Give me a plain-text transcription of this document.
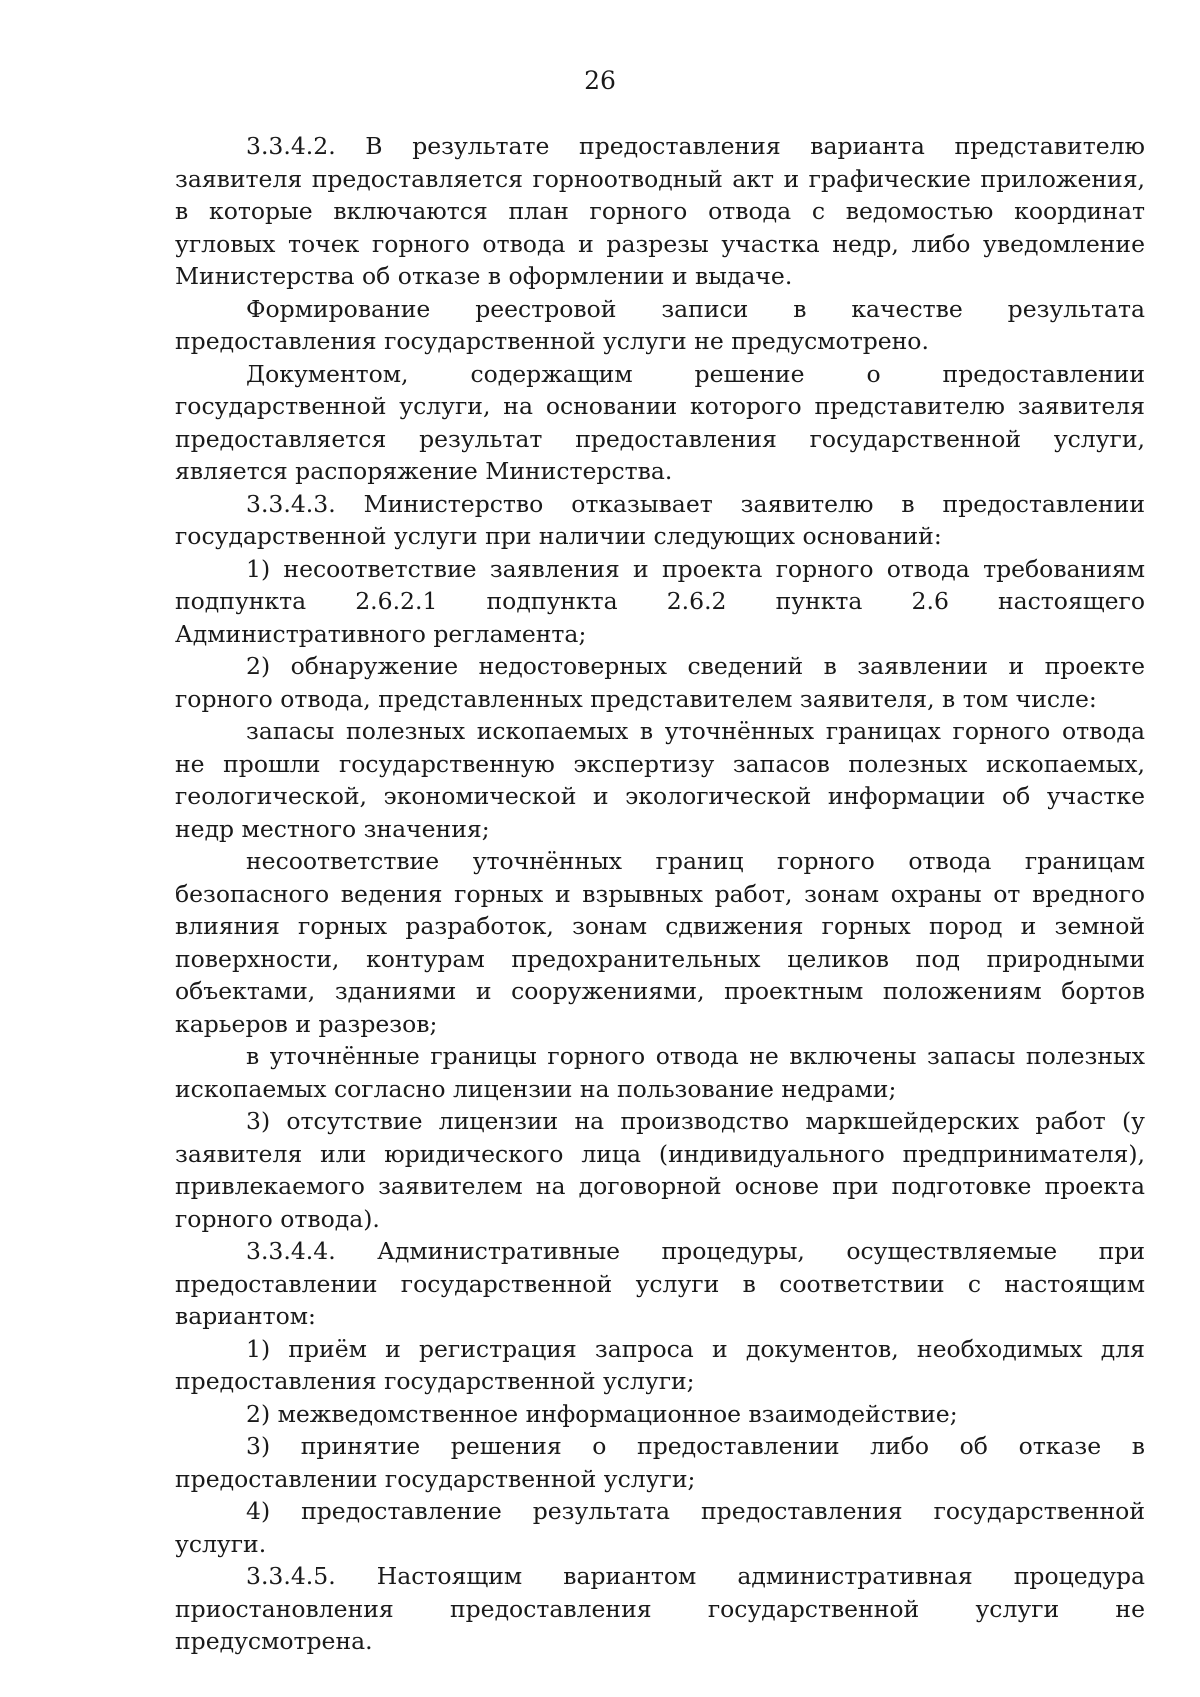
26

3.3.4.2. В результате предоставления варианта представителю заявителя предоставляется горноотводный акт и графические приложения, в которые включаются план горного отвода с ведомостью координат угловых точек горного отвода и разрезы участка недр, либо уведомление Министерства об отказе в оформлении и выдаче.

Формирование реестровой записи в качестве результата предоставления государственной услуги не предусмотрено.

Документом, содержащим решение о предоставлении государственной услуги, на основании которого представителю заявителя предоставляется результат предоставления государственной услуги, является распоряжение Министерства.

3.3.4.3. Министерство отказывает заявителю в предоставлении государственной услуги при наличии следующих оснований:

1) несоответствие заявления и проекта горного отвода требованиям подпункта 2.6.2.1 подпункта 2.6.2 пункта 2.6 настоящего Административного регламента;

2) обнаружение недостоверных сведений в заявлении и проекте горного отвода, представленных представителем заявителя, в том числе:

запасы полезных ископаемых в уточнённых границах горного отвода не прошли государственную экспертизу запасов полезных ископаемых, геологической, экономической и экологической информации об участке недр местного значения;

несоответствие уточнённых границ горного отвода границам безопасного ведения горных и взрывных работ, зонам охраны от вредного влияния горных разработок, зонам сдвижения горных пород и земной поверхности, контурам предохранительных целиков под природными объектами, зданиями и сооружениями, проектным положениям бортов карьеров и разрезов;

в уточнённые границы горного отвода не включены запасы полезных ископаемых согласно лицензии на пользование недрами;

3) отсутствие лицензии на производство маркшейдерских работ (у заявителя или юридического лица (индивидуального предпринимателя), привлекаемого заявителем на договорной основе при подготовке проекта горного отвода).

3.3.4.4. Административные процедуры, осуществляемые при предоставлении государственной услуги в соответствии с настоящим вариантом:

1) приём и регистрация запроса и документов, необходимых для предоставления государственной услуги;

2) межведомственное информационное взаимодействие;

3) принятие решения о предоставлении либо об отказе в предоставлении государственной услуги;

4) предоставление результата предоставления государственной услуги.

3.3.4.5. Настоящим вариантом административная процедура приостановления предоставления государственной услуги не предусмотрена.
